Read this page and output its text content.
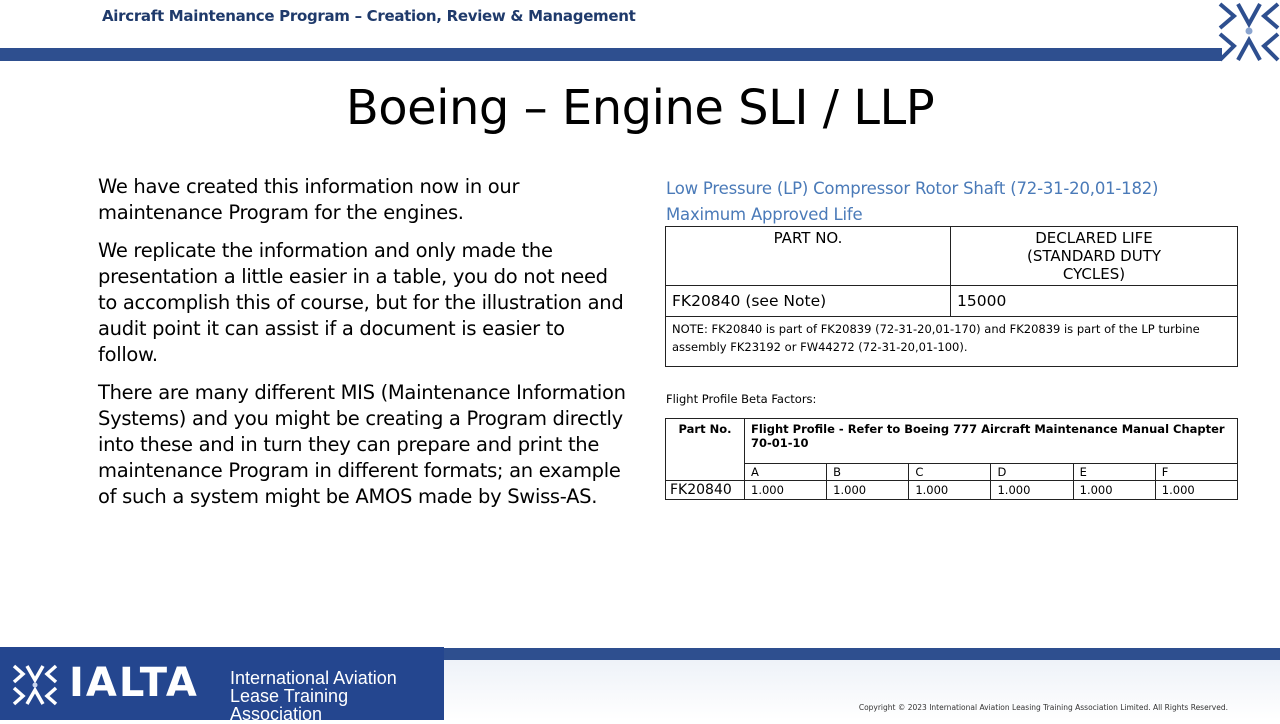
Aircraft Maintenance Program – Creation, Review & Management
Boeing – Engine SLI / LLP

We have created this information now in our maintenance Program for the engines.

We replicate the information and only made the presentation a little easier in a table, you do not need to accomplish this of course, but for the illustration and audit point it can assist if a document is easier to follow.

There are many different MIS (Maintenance Information Systems) and you might be creating a Program directly into these and in turn they can prepare and print the maintenance Program in different formats; an example of such a system might be AMOS made by Swiss-AS.

Low Pressure (LP) Compressor Rotor Shaft (72-31-20,01-182)
Maximum Approved Life
PART NO.	DECLARED LIFE
(STANDARD DUTY
CYCLES)

FK20840 (see Note)	15000

NOTE: FK20840 is part of FK20839 (72-31-20,01-170) and FK20839 is part of the LP turbine
assembly FK23192 or FW44272 (72-31-20,01-100).	
Flight Profile Beta Factors:
Part No.	Flight Profile - Refer to Boeing 777 Aircraft Maintenance Manual Chapter 70-01-10					
	A	B	C	D	E	F
FK20840	1.000	1.000	1.000	1.000	1.000	1.000
IALTA International Aviation
Lease Training Association	Copyright © 2023 International Aviation Leasing Training Association Limited. All Rights Reserved.
